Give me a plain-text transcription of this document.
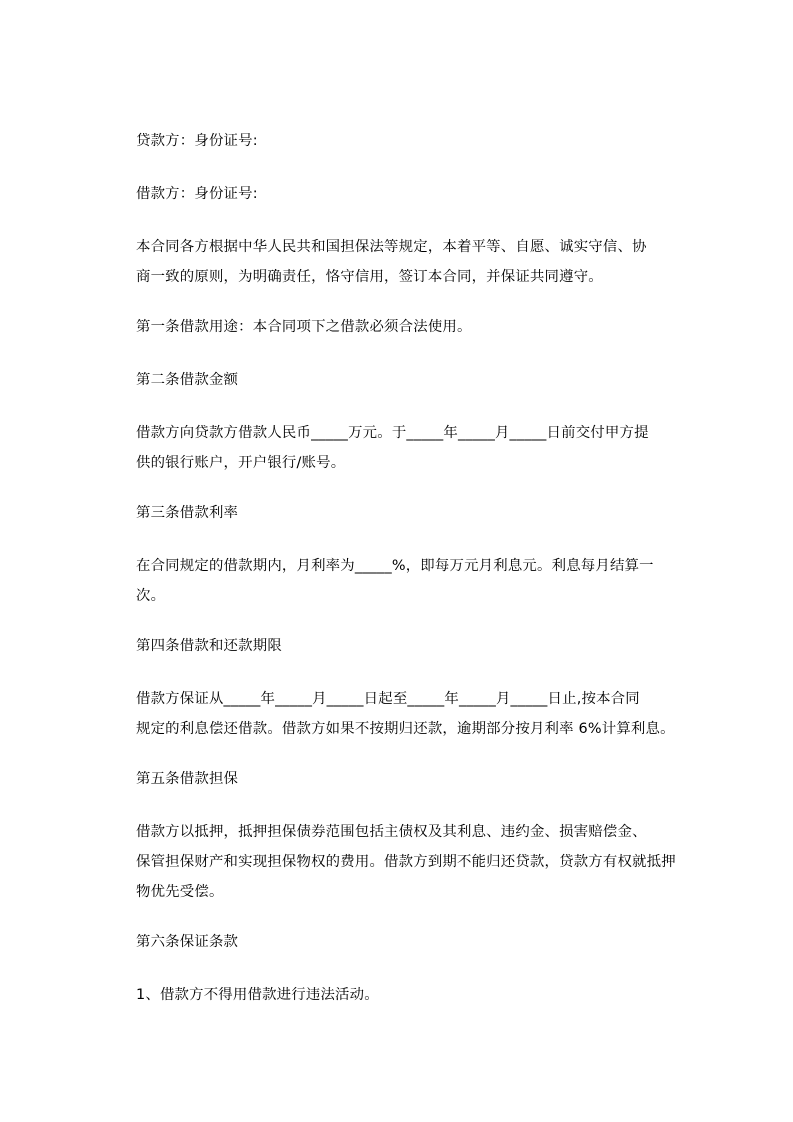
贷款方：身份证号:
借款方：身份证号:
本合同各方根据中华人民共和国担保法等规定，本着平等、自愿、诚实守信、协
商一致的原则，为明确责任，恪守信用，签订本合同，并保证共同遵守。
第一条借款用途：本合同项下之借款必须合法使用。
第二条借款金额
借款方向贷款方借款人民币_____万元。于_____年_____月_____日前交付甲方提
供的银行账户，开户银行/账号。
第三条借款利率
在合同规定的借款期内，月利率为_____%，即每万元月利息元。利息每月结算一
次。
第四条借款和还款期限
借款方保证从_____年_____月_____日起至_____年_____月_____日止,按本合同
规定的利息偿还借款。借款方如果不按期归还款，逾期部分按月利率 6%计算利息。
第五条借款担保
借款方以抵押，抵押担保债券范围包括主债权及其利息、违约金、损害赔偿金、
保管担保财产和实现担保物权的费用。借款方到期不能归还贷款，贷款方有权就抵押
物优先受偿。
第六条保证条款
1、借款方不得用借款进行违法活动。
